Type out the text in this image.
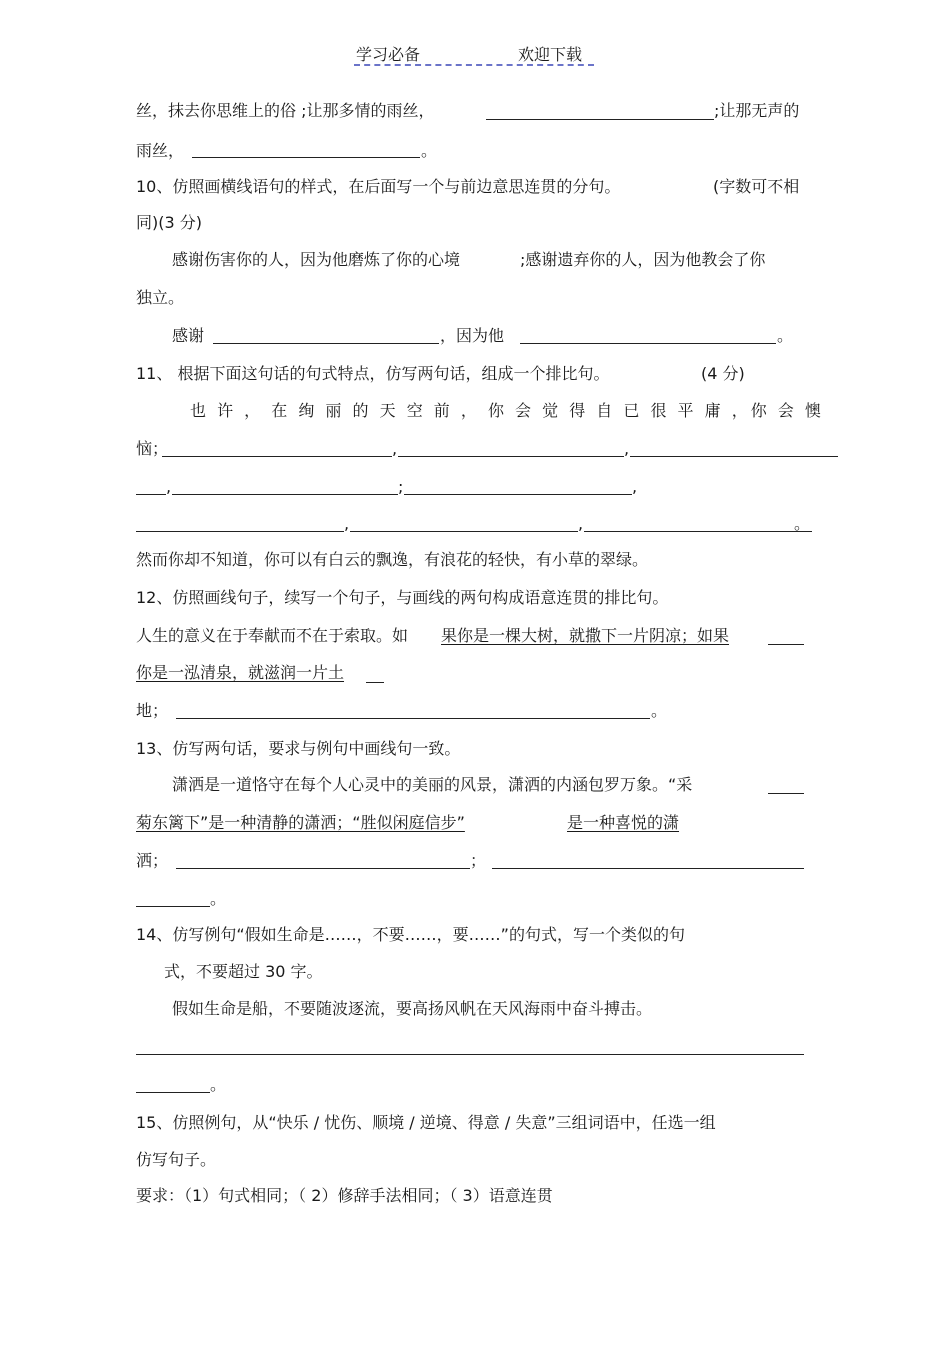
学习必备	欢迎下载
丝，抹去你思维上的俗 ;让那多情的雨丝，	;让那无声的
雨丝，	。
10、仿照画横线语句的样式，在后面写一个与前边意思连贯的分句。	(字数可不相
同)(3 分)
感谢伤害你的人，因为他磨炼了你的心境	;感谢遗弃你的人，因为他教会了你
独立。
感谢	，因为他	。
11、 根据下面这句话的句式特点，仿写两句话，组成一个排比句。	(4 分)
也 许 ， 在 绚 丽 的 天 空 前 ， 你 会 觉 得 自 已 很 平 庸 ，你 会 懊
恼；	,	,
,	;	,
,	,	。
然而你却不知道，你可以有白云的飘逸，有浪花的轻快，有小草的翠绿。
12、仿照画线句子，续写一个句子，与画线的两句构成语意连贯的排比句。
人生的意义在于奉献而不在于索取。如 果你是一棵大树，就撒下一片阴凉；如果
你是一泓清泉，就滋润一片土
地；	。
13、仿写两句话，要求与例句中画线句一致。
潇洒是一道恪守在每个人心灵中的美丽的风景，潇洒的内涵包罗万象。“采
菊东篱下”是一种清静的潇洒；“胜似闲庭信步”	是一种喜悦的潇
洒；	；
。
14、仿写例句“假如生命是……，不要……，要……”的句式，写一个类似的句
式，不要超过 30 字。
假如生命是船，不要随波逐流，要高扬风帆在天风海雨中奋斗搏击。
。
15、仿照例句，从“快乐 / 忧伤、顺境 / 逆境、得意 / 失意”三组词语中，任选一组
仿写句子。
要求：（1）句式相同；（ 2）修辞手法相同；（ 3）语意连贯
